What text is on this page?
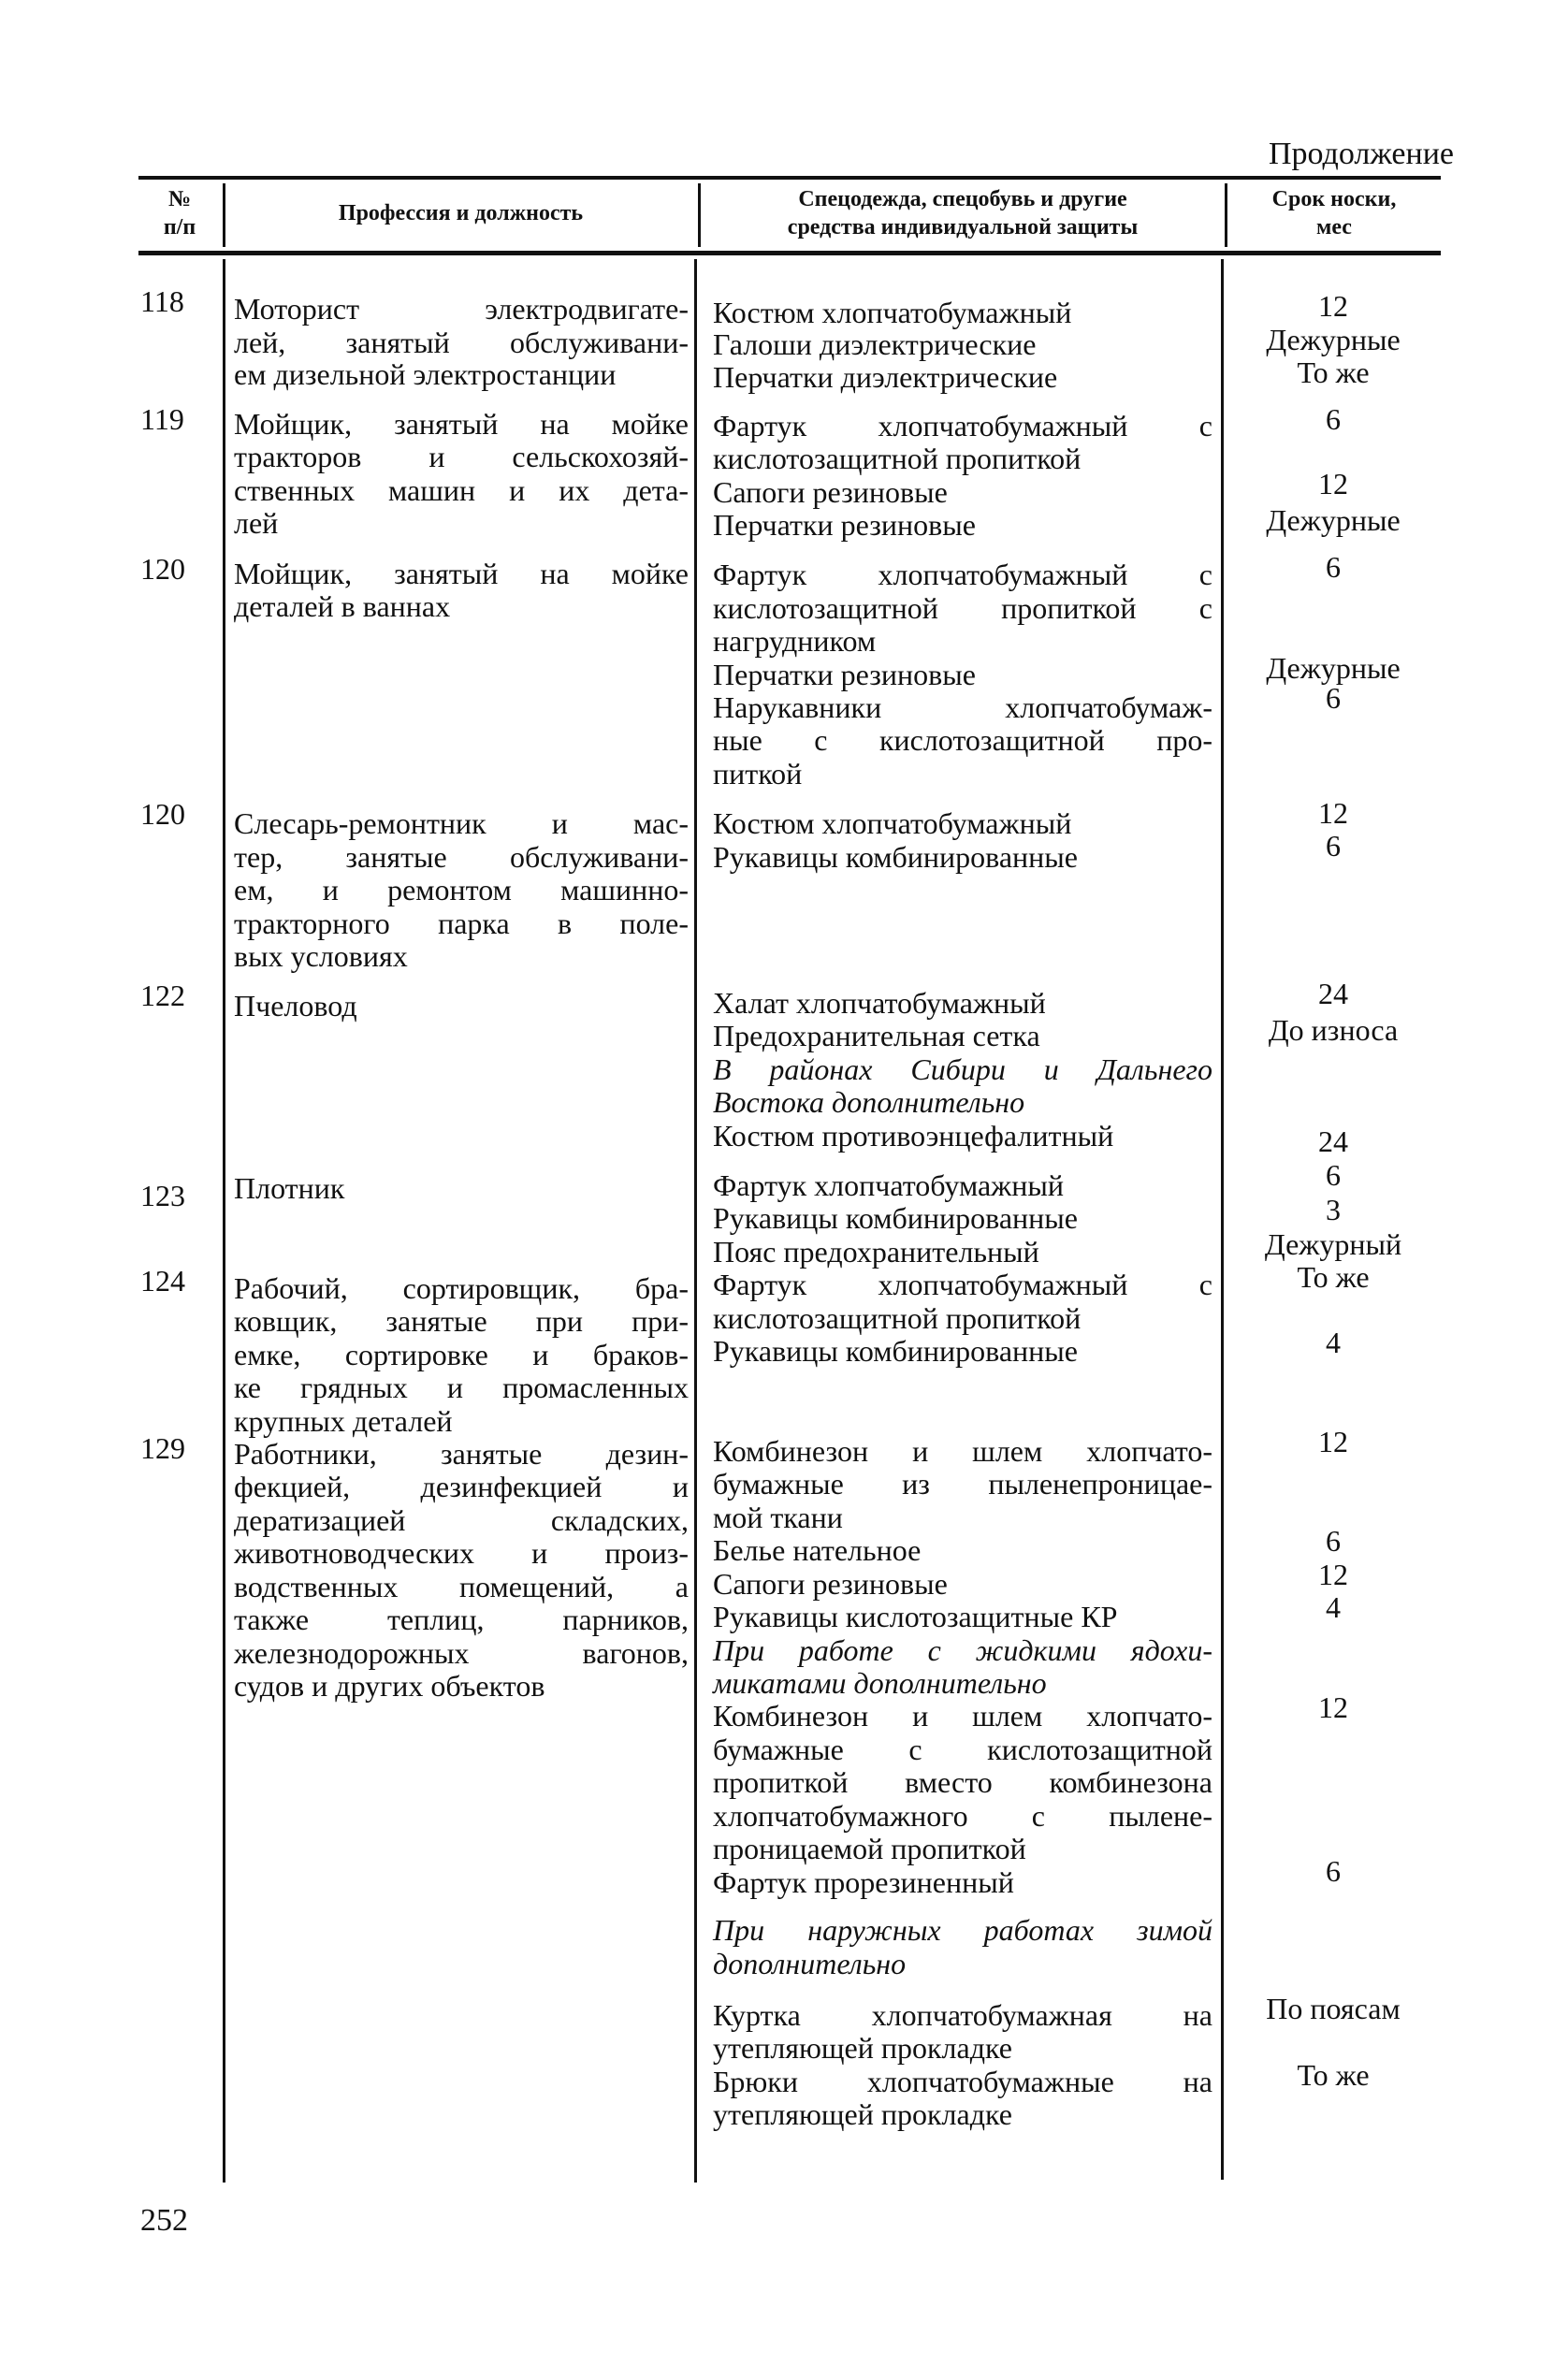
Продолжение
№
п/п
Профессия и должность
Спецодежда, спецобувь и другие
средства индивидуальной защиты
Срок носки,
мес
118 Моторист электродвигате-
лей, занятый обслуживани-
ем дизельной электростанции
Костюм хлопчатобумажный
Галоши диэлектрические
Перчатки диэлектрические
12
Дежурные
То же
119 Мойщик, занятый на мойке
тракторов и сельскохозяй-
ственных машин и их дета-
лей
Фартук хлопчатобумажный с
кислотозащитной пропиткой
Сапоги резиновые
Перчатки резиновые
6
12
Дежурные
120 Мойщик, занятый на мойке
деталей в ваннах
Фартук хлопчатобумажный с
кислотозащитной пропиткой с
нагрудником
Перчатки резиновые
Нарукавники хлопчатобумаж-
ные с кислотозащитной про-
питкой
6
Дежурные
6
120 Слесарь-ремонтник и мас-
тер, занятые обслуживани-
ем, и ремонтом машинно-
тракторного парка в поле-
вых условиях
Костюм хлопчатобумажный
Рукавицы комбинированные
12
6
122 Пчеловод	Халат хлопчатобумажный
Предохранительная сетка
В районах Сибири и Дальнего
Востока дополнительно
Костюм противоэнцефалитный
24
До износа
24
123 Плотник	Фартук хлопчатобумажный
Рукавицы комбинированные
Пояс предохранительный
6
3
Дежурный
124 Рабочий, сортировщик, бра-
ковщик, занятые при при-
емке, сортировке и браков-
ке грядных и промасленных
крупных деталей
Фартук хлопчатобумажный с
кислотозащитной пропиткой
Рукавицы комбинированные
То же
4
129 Работники, занятые дезин-
фекцией, дезинфекцией и
дератизацией складских,
животноводческих и произ-
водственных помещений, а
также теплиц, парников,
железнодорожных вагонов,
судов и других объектов
Комбинезон и шлем хлопчато-
бумажные из пыленепроницае-
мой ткани
Белье нательное
Сапоги резиновые
Рукавицы кислотозащитные КР
При работе с жидкими ядохи-
микатами дополнительно
Комбинезон и шлем хлопчато-
бумажные с кислотозащитной
пропиткой вместо комбинезона
хлопчатобумажного с пылене-
проницаемой пропиткой
Фартук прорезиненный
При наружных работах зимой
дополнительно
Куртка хлопчатобумажная на
утепляющей прокладке
Брюки хлопчатобумажные на
утепляющей прокладке
12
6
12
4
12
6
По поясам
То же
252
